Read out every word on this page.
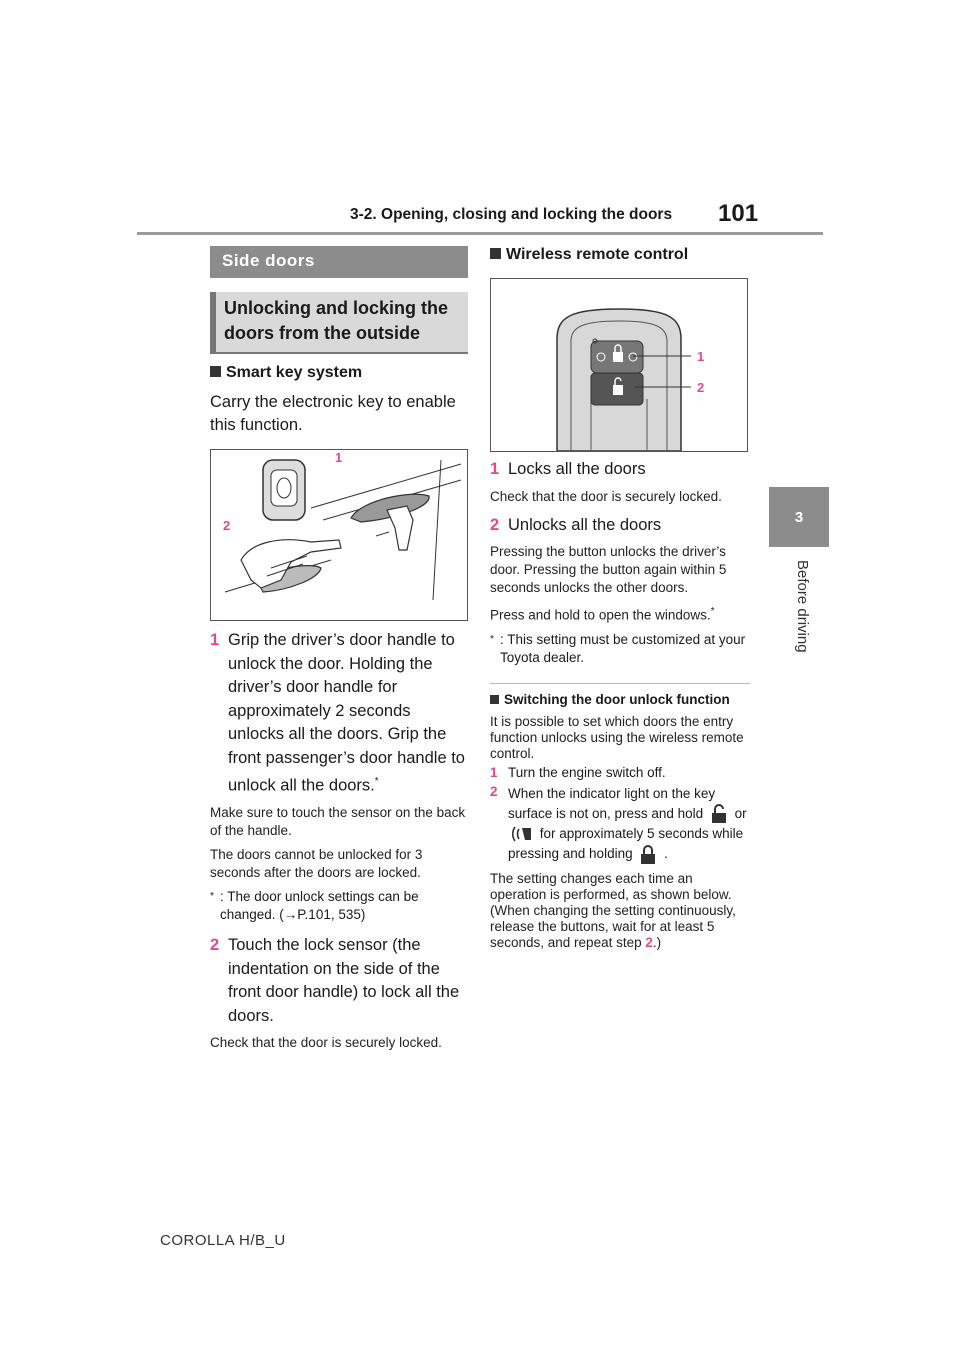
3-2. Opening, closing and locking the doors 101
3
Before driving
Side doors
Unlocking and locking the doors from the outside
Smart key system
Carry the electronic key to enable this function.
1
2
1 Grip the driver’s door handle to unlock the door. Holding the driver’s door handle for approximately 2 seconds unlocks all the doors. Grip the front passenger’s door handle to unlock all the doors.*
Make sure to touch the sensor on the back of the handle.
The doors cannot be unlocked for 3 seconds after the doors are locked.
* : The door unlock settings can be changed. (→P.101, 535)
2 Touch the lock sensor (the indentation on the side of the front door handle) to lock all the doors.
Check that the door is securely locked.
Wireless remote control
1
2
1 Locks all the doors
Check that the door is securely locked.
2 Unlocks all the doors
Pressing the button unlocks the driver’s door. Pressing the button again within 5 seconds unlocks the other doors.
Press and hold to open the windows.*
* : This setting must be customized at your Toyota dealer.
Switching the door unlock function
It is possible to set which doors the entry function unlocks using the wireless remote control.
1 Turn the engine switch off.
2 When the indicator light on the key surface is not on, press and hold or  for approximately 5 seconds while pressing and holding .
The setting changes each time an operation is performed, as shown below. (When changing the setting continuously, release the buttons, wait for at least 5 seconds, and repeat step 2.)
COROLLA H/B_U
